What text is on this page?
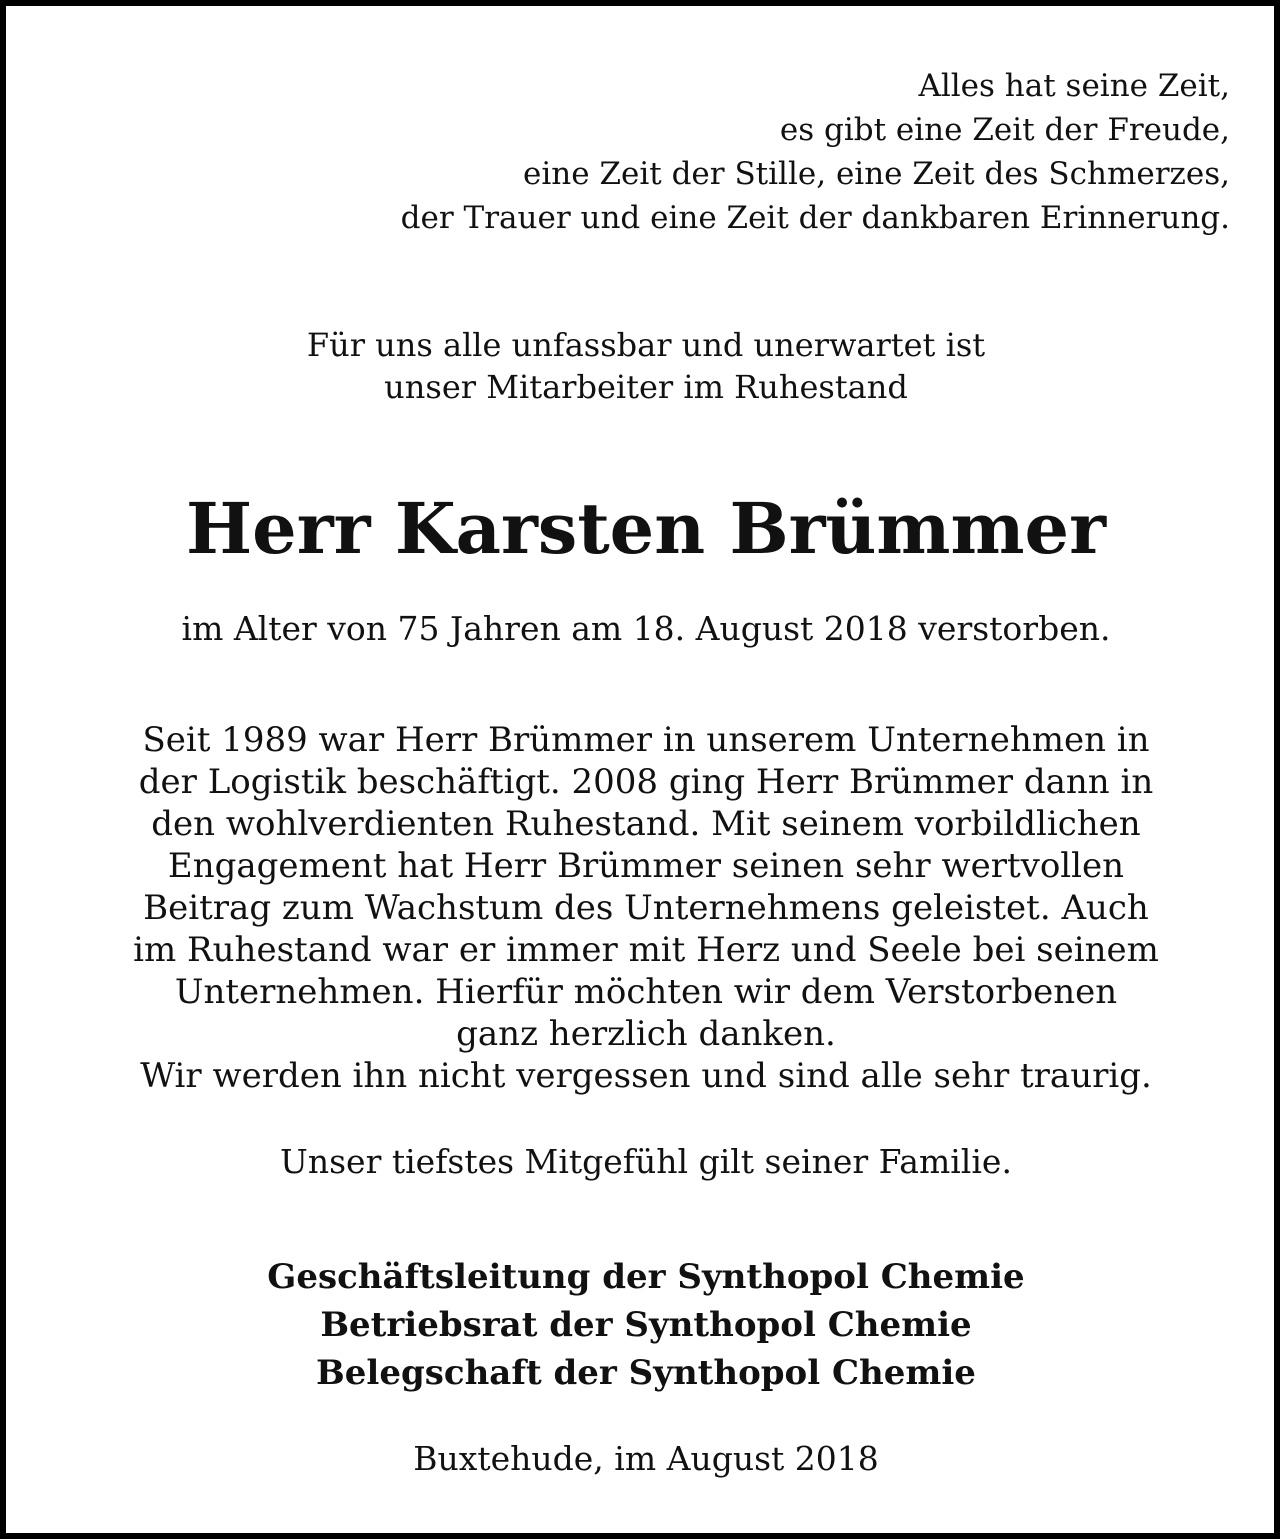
Alles hat seine Zeit,
es gibt eine Zeit der Freude,
eine Zeit der Stille, eine Zeit des Schmerzes,
der Trauer und eine Zeit der dankbaren Erinnerung.
Für uns alle unfassbar und unerwartet ist
unser Mitarbeiter im Ruhestand
Herr Karsten Brümmer
im Alter von 75 Jahren am 18. August 2018 verstorben.
Seit 1989 war Herr Brümmer in unserem Unternehmen in
der Logistik beschäftigt. 2008 ging Herr Brümmer dann in
den wohlverdienten Ruhestand. Mit seinem vorbildlichen
Engagement hat Herr Brümmer seinen sehr wertvollen
Beitrag zum Wachstum des Unternehmens geleistet. Auch
im Ruhestand war er immer mit Herz und Seele bei seinem
Unternehmen. Hierfür möchten wir dem Verstorbenen
ganz herzlich danken.
Wir werden ihn nicht vergessen und sind alle sehr traurig.
Unser tiefstes Mitgefühl gilt seiner Familie.
Geschäftsleitung der Synthopol Chemie
Betriebsrat der Synthopol Chemie
Belegschaft der Synthopol Chemie
Buxtehude, im August 2018
